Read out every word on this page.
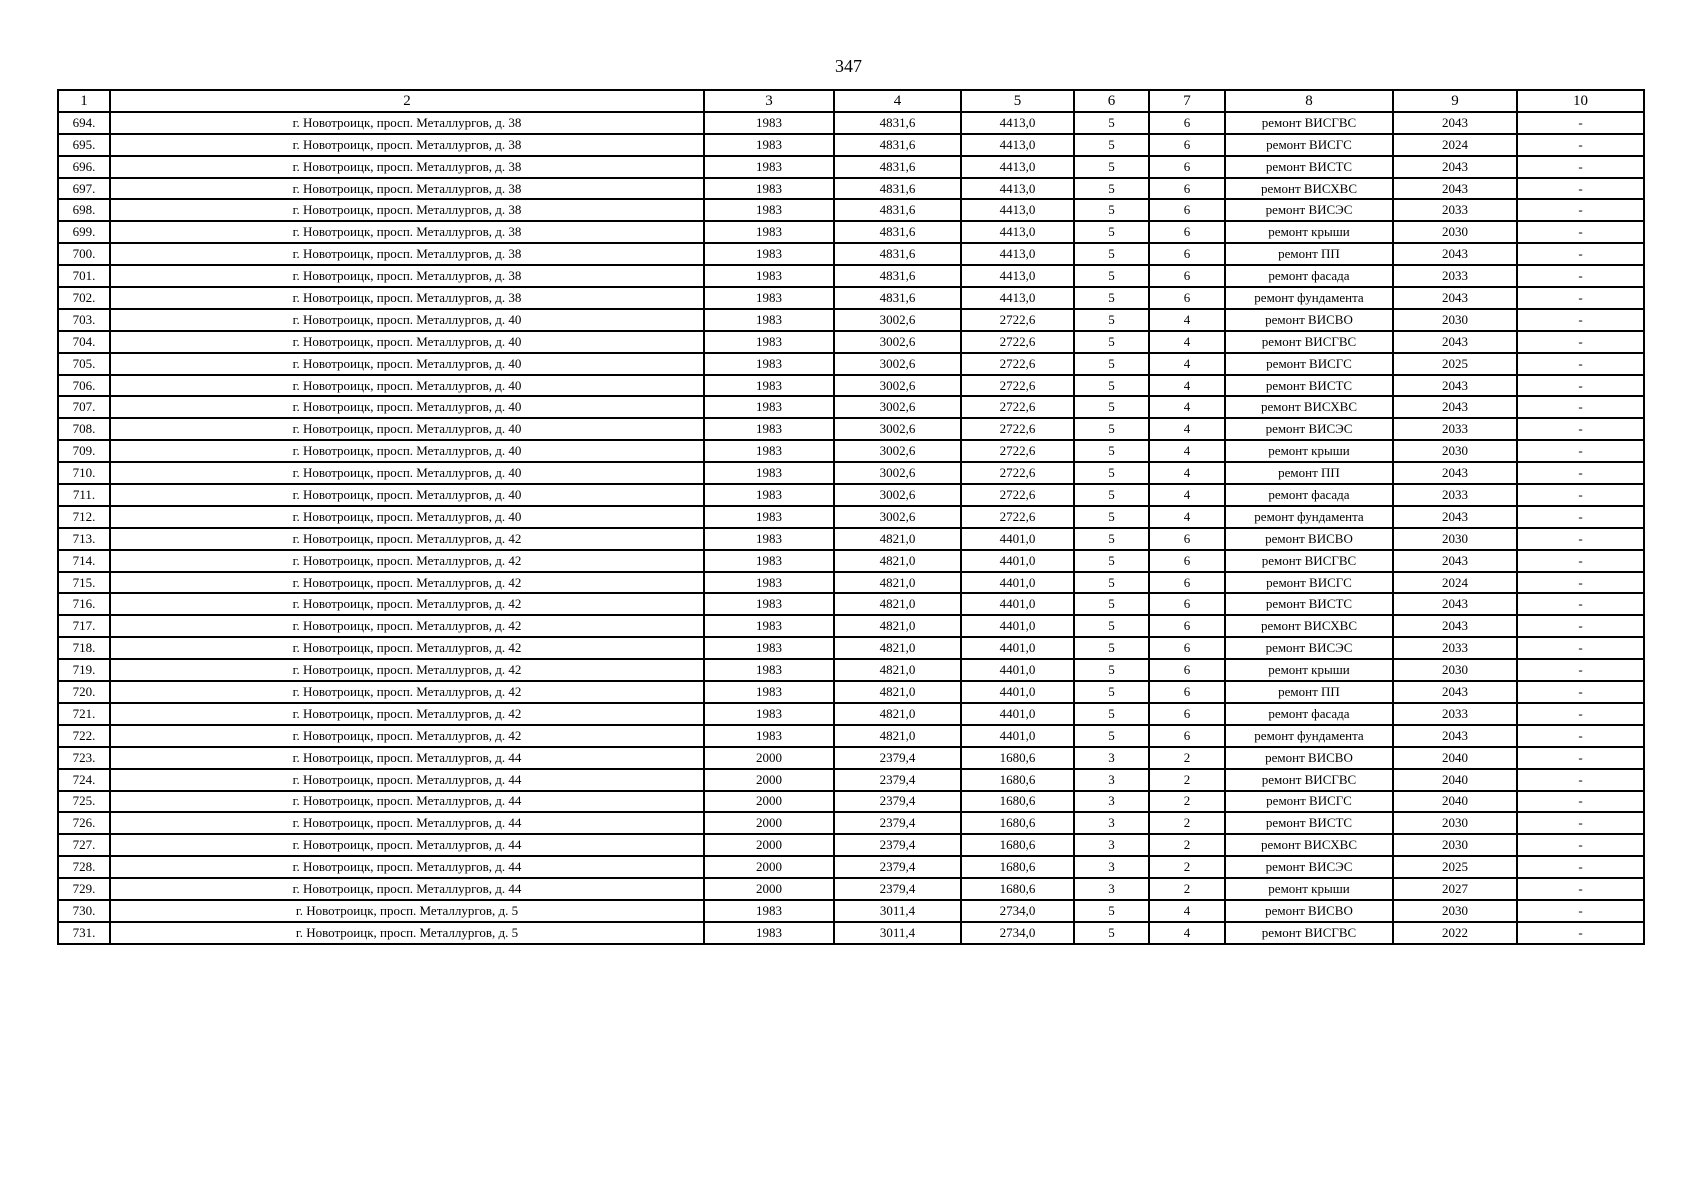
347
1	2	3	4	5	6	7	8	9	10
694.	г. Новотроицк, просп. Металлургов, д. 38	1983	4831,6	4413,0	5	6	ремонт ВИСГВС	2043	-
695.	г. Новотроицк, просп. Металлургов, д. 38	1983	4831,6	4413,0	5	6	ремонт ВИСГС	2024	-
696.	г. Новотроицк, просп. Металлургов, д. 38	1983	4831,6	4413,0	5	6	ремонт ВИСТС	2043	-
697.	г. Новотроицк, просп. Металлургов, д. 38	1983	4831,6	4413,0	5	6	ремонт ВИСХВС	2043	-
698.	г. Новотроицк, просп. Металлургов, д. 38	1983	4831,6	4413,0	5	6	ремонт ВИСЭС	2033	-
699.	г. Новотроицк, просп. Металлургов, д. 38	1983	4831,6	4413,0	5	6	ремонт крыши	2030	-
700.	г. Новотроицк, просп. Металлургов, д. 38	1983	4831,6	4413,0	5	6	ремонт ПП	2043	-
701.	г. Новотроицк, просп. Металлургов, д. 38	1983	4831,6	4413,0	5	6	ремонт фасада	2033	-
702.	г. Новотроицк, просп. Металлургов, д. 38	1983	4831,6	4413,0	5	6	ремонт фундамента	2043	-
703.	г. Новотроицк, просп. Металлургов, д. 40	1983	3002,6	2722,6	5	4	ремонт ВИСВО	2030	-
704.	г. Новотроицк, просп. Металлургов, д. 40	1983	3002,6	2722,6	5	4	ремонт ВИСГВС	2043	-
705.	г. Новотроицк, просп. Металлургов, д. 40	1983	3002,6	2722,6	5	4	ремонт ВИСГС	2025	-
706.	г. Новотроицк, просп. Металлургов, д. 40	1983	3002,6	2722,6	5	4	ремонт ВИСТС	2043	-
707.	г. Новотроицк, просп. Металлургов, д. 40	1983	3002,6	2722,6	5	4	ремонт ВИСХВС	2043	-
708.	г. Новотроицк, просп. Металлургов, д. 40	1983	3002,6	2722,6	5	4	ремонт ВИСЭС	2033	-
709.	г. Новотроицк, просп. Металлургов, д. 40	1983	3002,6	2722,6	5	4	ремонт крыши	2030	-
710.	г. Новотроицк, просп. Металлургов, д. 40	1983	3002,6	2722,6	5	4	ремонт ПП	2043	-
711.	г. Новотроицк, просп. Металлургов, д. 40	1983	3002,6	2722,6	5	4	ремонт фасада	2033	-
712.	г. Новотроицк, просп. Металлургов, д. 40	1983	3002,6	2722,6	5	4	ремонт фундамента	2043	-
713.	г. Новотроицк, просп. Металлургов, д. 42	1983	4821,0	4401,0	5	6	ремонт ВИСВО	2030	-
714.	г. Новотроицк, просп. Металлургов, д. 42	1983	4821,0	4401,0	5	6	ремонт ВИСГВС	2043	-
715.	г. Новотроицк, просп. Металлургов, д. 42	1983	4821,0	4401,0	5	6	ремонт ВИСГС	2024	-
716.	г. Новотроицк, просп. Металлургов, д. 42	1983	4821,0	4401,0	5	6	ремонт ВИСТС	2043	-
717.	г. Новотроицк, просп. Металлургов, д. 42	1983	4821,0	4401,0	5	6	ремонт ВИСХВС	2043	-
718.	г. Новотроицк, просп. Металлургов, д. 42	1983	4821,0	4401,0	5	6	ремонт ВИСЭС	2033	-
719.	г. Новотроицк, просп. Металлургов, д. 42	1983	4821,0	4401,0	5	6	ремонт крыши	2030	-
720.	г. Новотроицк, просп. Металлургов, д. 42	1983	4821,0	4401,0	5	6	ремонт ПП	2043	-
721.	г. Новотроицк, просп. Металлургов, д. 42	1983	4821,0	4401,0	5	6	ремонт фасада	2033	-
722.	г. Новотроицк, просп. Металлургов, д. 42	1983	4821,0	4401,0	5	6	ремонт фундамента	2043	-
723.	г. Новотроицк, просп. Металлургов, д. 44	2000	2379,4	1680,6	3	2	ремонт ВИСВО	2040	-
724.	г. Новотроицк, просп. Металлургов, д. 44	2000	2379,4	1680,6	3	2	ремонт ВИСГВС	2040	-
725.	г. Новотроицк, просп. Металлургов, д. 44	2000	2379,4	1680,6	3	2	ремонт ВИСГС	2040	-
726.	г. Новотроицк, просп. Металлургов, д. 44	2000	2379,4	1680,6	3	2	ремонт ВИСТС	2030	-
727.	г. Новотроицк, просп. Металлургов, д. 44	2000	2379,4	1680,6	3	2	ремонт ВИСХВС	2030	-
728.	г. Новотроицк, просп. Металлургов, д. 44	2000	2379,4	1680,6	3	2	ремонт ВИСЭС	2025	-
729.	г. Новотроицк, просп. Металлургов, д. 44	2000	2379,4	1680,6	3	2	ремонт крыши	2027	-
730.	г. Новотроицк, просп. Металлургов, д. 5	1983	3011,4	2734,0	5	4	ремонт ВИСВО	2030	-
731.	г. Новотроицк, просп. Металлургов, д. 5	1983	3011,4	2734,0	5	4	ремонт ВИСГВС	2022	-
